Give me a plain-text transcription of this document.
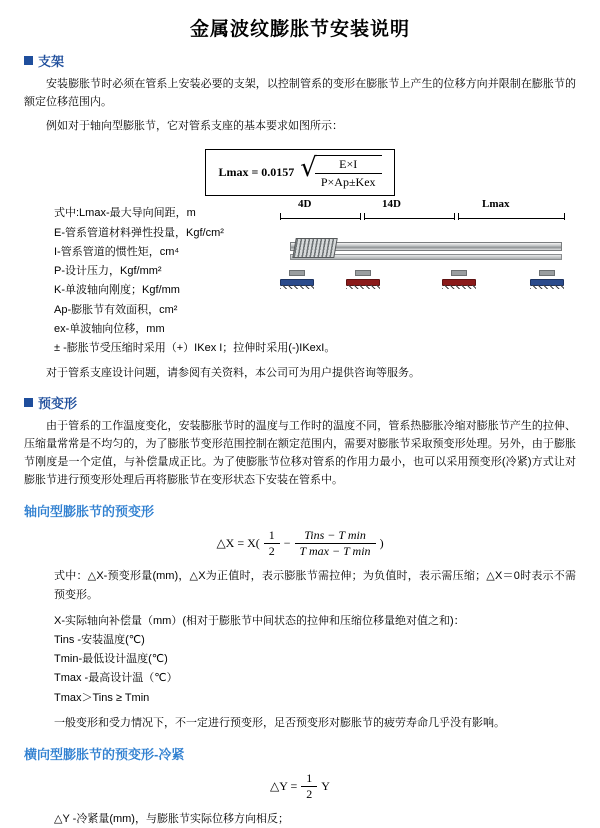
金属波纹膨胀节安装说明
支架

安装膨胀节时必须在管系上安装必要的支架，以控制管系的变形在膨胀节上产生的位移方向并限制在膨胀节的额定位移范围内。

例如对于轴向型膨胀节，它对管系支座的基本要求如图所示：

Lmax = 0.0157 √
$\frac{E\times I}{\text{P×Ap±Kex}}$
4D	14D	Lmax
式中:Lmax-最大导向间距，m
E-管系管道材料弹性投量，Kgf/cm²
I-管系管道的惯性矩，cm⁴
P-设计压力，Kgf/mm²
K-单波轴向刚度；Kgf/mm
Ap-膨胀节有效面积，cm²
ex-单波轴向位移，mm
± -膨胀节受压缩时采用（+）IKex I；拉伸时采用(-)IKexI。

对于管系支座设计问题，请参阅有关资料，本公司可为用户提供咨询等服务。

预变形

由于管系的工作温度变化，安装膨胀节时的温度与工作时的温度不同，管系热膨胀冷缩对膨胀节产生的拉伸、压缩量常常是不均匀的，为了膨胀节变形范围控制在额定范围内，需要对膨胀节采取预变形处理。另外，由于膨胀节刚度是一个定值，与补偿量成正比。为了使膨胀节位移对管系的作用力最小，也可以采用预变形(冷紧)方式让对膨胀节进行预变形处理后再将膨胀节在变形状态下安装在管系中。

轴向型膨胀节的预变形
△X = $X( \frac{1}{2} - \frac{\text{Tins − T min}}{\text{T max − T min}}$ )

式中：△X-预变形量(mm)，△X为正值时，表示膨胀节需拉伸；为负值时，表示需压缩；△X＝0时表示不需预变形。

X-实际轴向补偿量（mm）(相对于膨胀节中间状态的拉伸和压缩位移量绝对值之和)：
Tins -安装温度(℃)
Tmin-最低设计温度(℃)
Tmax -最高设计温（℃）
Tmax＞Tins ≥ Tmin

一般变形和受力情况下，不一定进行预变形，足否预变形对膨胀节的疲劳寿命几乎没有影响。

横向型膨胀节的预变形-冷紧
△Y = $\frac{1}{2}$ Y

△Y -冷紧量(mm)，与膨胀节实际位移方向相反；
